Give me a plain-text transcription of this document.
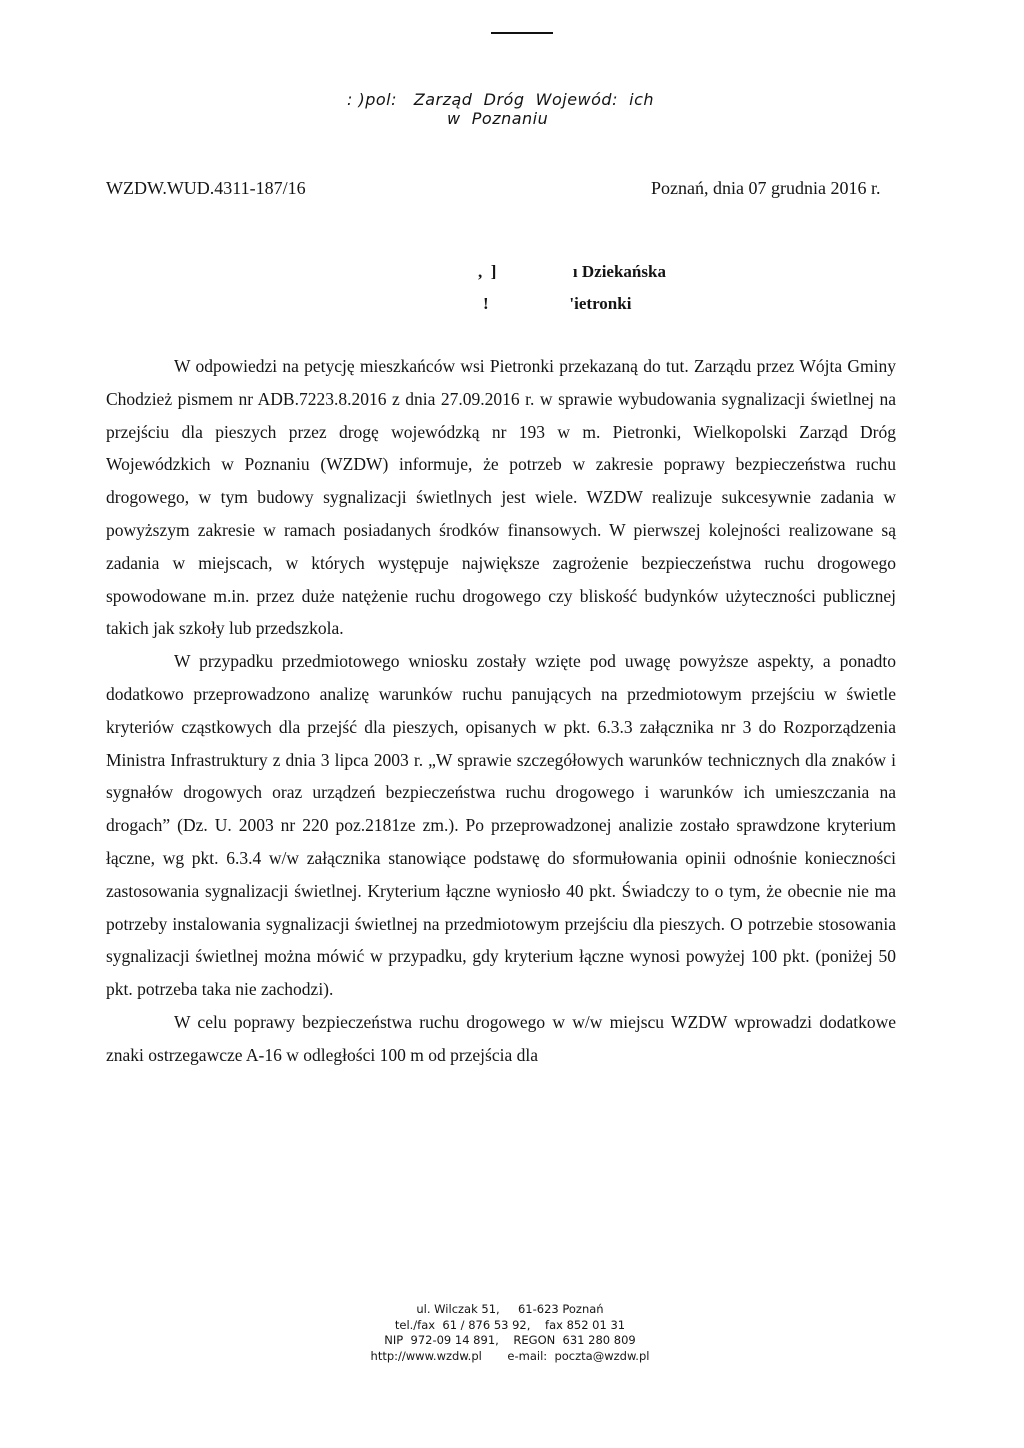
: )pol:   Zarząd  Dróg  Wojewód:  ich
w  Poznaniu
WZDW.WUD.4311-187/16	Poznań, dnia 07 grudnia 2016 r.
,  ]                  ı Dziekańska
!                   'ietronki

W odpowiedzi na petycję mieszkańców wsi Pietronki przekazaną do tut. Zarządu przez Wójta Gminy Chodzież pismem nr ADB.7223.8.2016 z dnia 27.09.2016 r. w sprawie wybudowania sygnalizacji świetlnej na przejściu dla pieszych przez drogę wojewódzką nr 193 w m. Pietronki, Wielkopolski Zarząd Dróg Wojewódzkich w Poznaniu (WZDW) informuje, że potrzeb w zakresie poprawy bezpieczeństwa ruchu drogowego, w tym budowy sygnalizacji świetlnych jest wiele. WZDW realizuje sukcesywnie zadania w powyższym zakresie w ramach posiadanych środków finansowych. W pierwszej kolejności realizowane są zadania w miejscach, w których występuje największe zagrożenie bezpieczeństwa ruchu drogowego spowodowane m.in. przez duże natężenie ruchu drogowego czy bliskość budynków użyteczności publicznej takich jak szkoły lub przedszkola.

W przypadku przedmiotowego wniosku zostały wzięte pod uwagę powyższe aspekty, a ponadto dodatkowo przeprowadzono analizę warunków ruchu panujących na przedmiotowym przejściu w świetle kryteriów cząstkowych dla przejść dla pieszych, opisanych w pkt. 6.3.3 załącznika nr 3 do Rozporządzenia Ministra Infrastruktury z dnia 3 lipca 2003 r. „W sprawie szczegółowych warunków technicznych dla znaków i sygnałów drogowych oraz urządzeń bezpieczeństwa ruchu drogowego i warunków ich umieszczania na drogach” (Dz. U. 2003 nr 220 poz.2181ze zm.). Po przeprowadzonej analizie zostało sprawdzone kryterium łączne, wg pkt. 6.3.4 w/w załącznika stanowiące podstawę do sformułowania opinii odnośnie konieczności zastosowania sygnalizacji świetlnej. Kryterium łączne wyniosło 40 pkt. Świadczy to o tym, że obecnie nie ma potrzeby instalowania sygnalizacji świetlnej na przedmiotowym przejściu dla pieszych. O potrzebie stosowania sygnalizacji świetlnej można mówić w przypadku, gdy kryterium łączne wynosi powyżej 100 pkt. (poniżej 50 pkt. potrzeba taka nie zachodzi).

W celu poprawy bezpieczeństwa ruchu drogowego w w/w miejscu WZDW wprowadzi dodatkowe znaki ostrzegawcze A-16 w odległości 100 m od przejścia dla

ul. Wilczak 51,     61-623 Poznań
tel./fax  61 / 876 53 92,    fax 852 01 31
NIP  972-09 14 891,    REGON  631 280 809
http://www.wzdw.pl       e-mail:  poczta@wzdw.pl
